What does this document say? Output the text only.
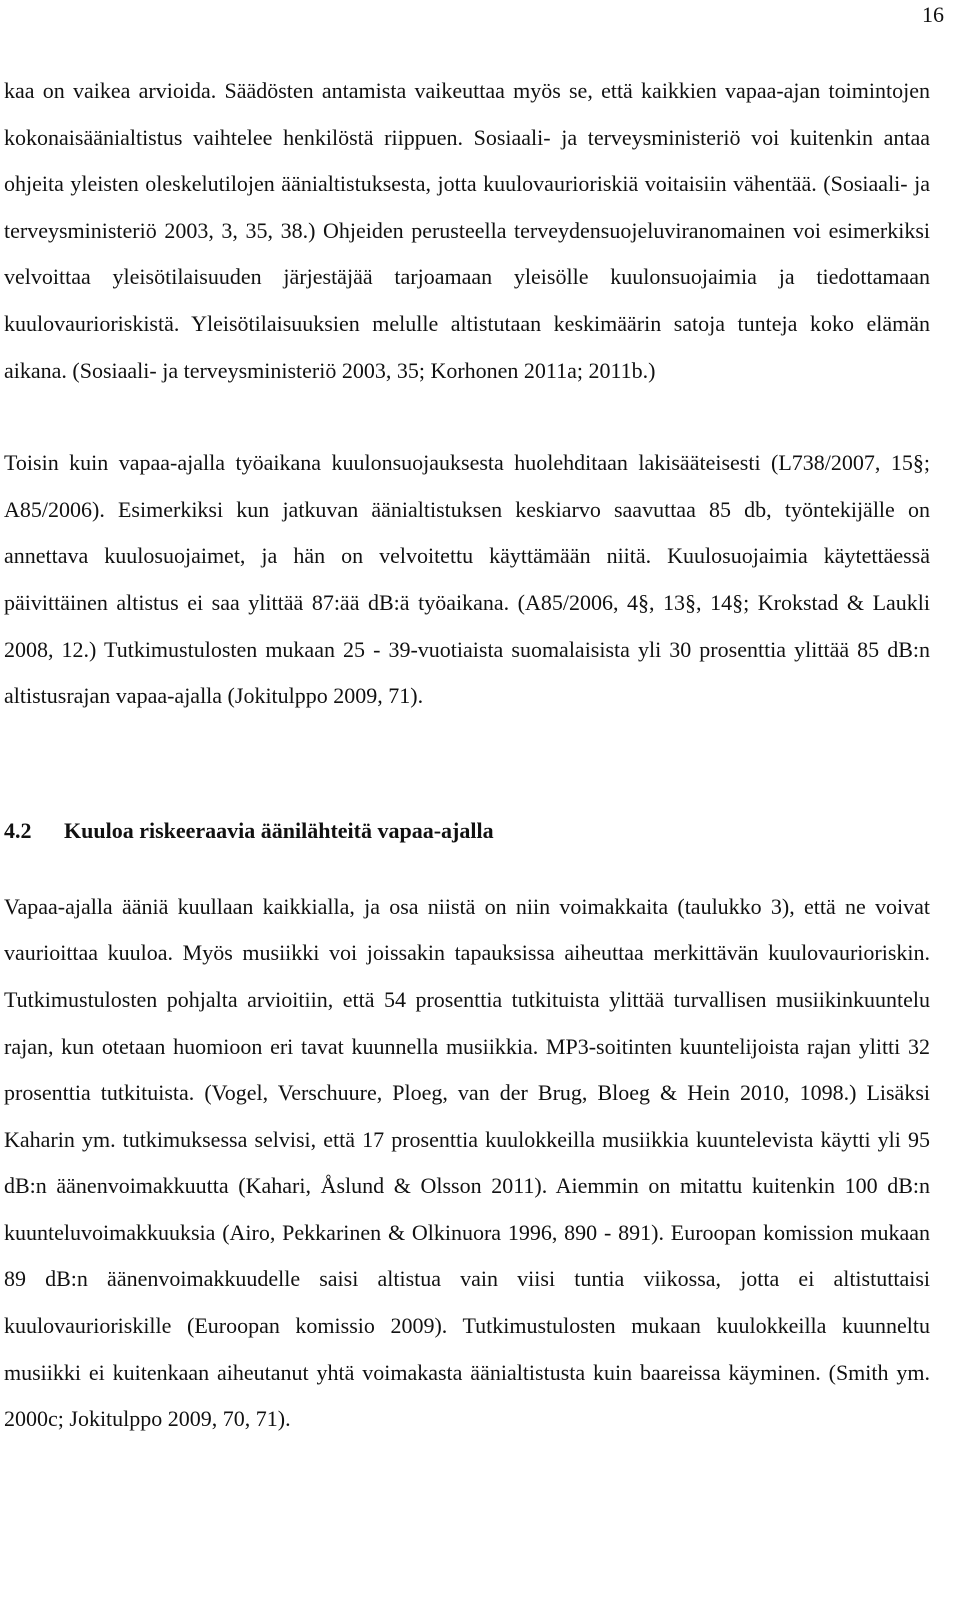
16

kaa on vaikea arvioida. Säädösten antamista vaikeuttaa myös se, että kaikkien vapaa-ajan toimintojen kokonaisäänialtistus vaihtelee henkilöstä riippuen. Sosiaali- ja terveysministeriö voi kuitenkin antaa ohjeita yleisten oleskelutilojen äänialtistuksesta, jotta kuulovaurioriskiä voitaisiin vähentää. (Sosiaali- ja terveysministeriö 2003, 3, 35, 38.) Ohjeiden perusteella terveydensuojeluviranomainen voi esimerkiksi velvoittaa yleisötilaisuuden järjestäjää tarjoamaan yleisölle kuulonsuojaimia ja tiedottamaan kuulovaurioriskistä. Yleisötilaisuuksien melulle altistutaan keskimäärin satoja tunteja koko elämän aikana. (Sosiaali- ja terveysministeriö 2003, 35; Korhonen 2011a; 2011b.)

Toisin kuin vapaa-ajalla työaikana kuulonsuojauksesta huolehditaan lakisääteisesti (L738/2007, 15§; A85/2006). Esimerkiksi kun jatkuvan äänialtistuksen keskiarvo saavuttaa 85 db, työntekijälle on annettava kuulosuojaimet, ja hän on velvoitettu käyttämään niitä. Kuulosuojaimia käytettäessä päivittäinen altistus ei saa ylittää 87:ää dB:ä työaikana. (A85/2006, 4§, 13§, 14§; Krokstad & Laukli 2008, 12.) Tutkimustulosten mukaan 25 - 39-vuotiaista suomalaisista yli 30 prosenttia ylittää 85 dB:n altistusrajan vapaa-ajalla (Jokitulppo 2009, 71).

4.2 Kuuloa riskeeraavia äänilähteitä vapaa-ajalla

Vapaa-ajalla ääniä kuullaan kaikkialla, ja osa niistä on niin voimakkaita (taulukko 3), että ne voivat vaurioittaa kuuloa. Myös musiikki voi joissakin tapauksissa aiheuttaa merkittävän kuulovaurioriskin. Tutkimustulosten pohjalta arvioitiin, että 54 prosenttia tutkituista ylittää turvallisen musiikinkuuntelu rajan, kun otetaan huomioon eri tavat kuunnella musiikkia. MP3-soitinten kuuntelijoista rajan ylitti 32 prosenttia tutkituista. (Vogel, Verschuure, Ploeg, van der Brug, Bloeg & Hein 2010, 1098.) Lisäksi Kaharin ym. tutkimuksessa selvisi, että 17 prosenttia kuulokkeilla musiikkia kuuntelevista käytti yli 95 dB:n äänenvoimakkuutta (Kahari, Åslund & Olsson 2011). Aiemmin on mitattu kuitenkin 100 dB:n kuunteluvoimakkuuksia (Airo, Pekkarinen & Olkinuora 1996, 890 - 891). Euroopan komission mukaan 89 dB:n äänenvoimakkuudelle saisi altistua vain viisi tuntia viikossa, jotta ei altistuttaisi kuulovaurioriskille (Euroopan komissio 2009). Tutkimustulosten mukaan kuulokkeilla kuunneltu musiikki ei kuitenkaan aiheutanut yhtä voimakasta äänialtistusta kuin baareissa käyminen. (Smith ym. 2000c; Jokitulppo 2009, 70, 71).
